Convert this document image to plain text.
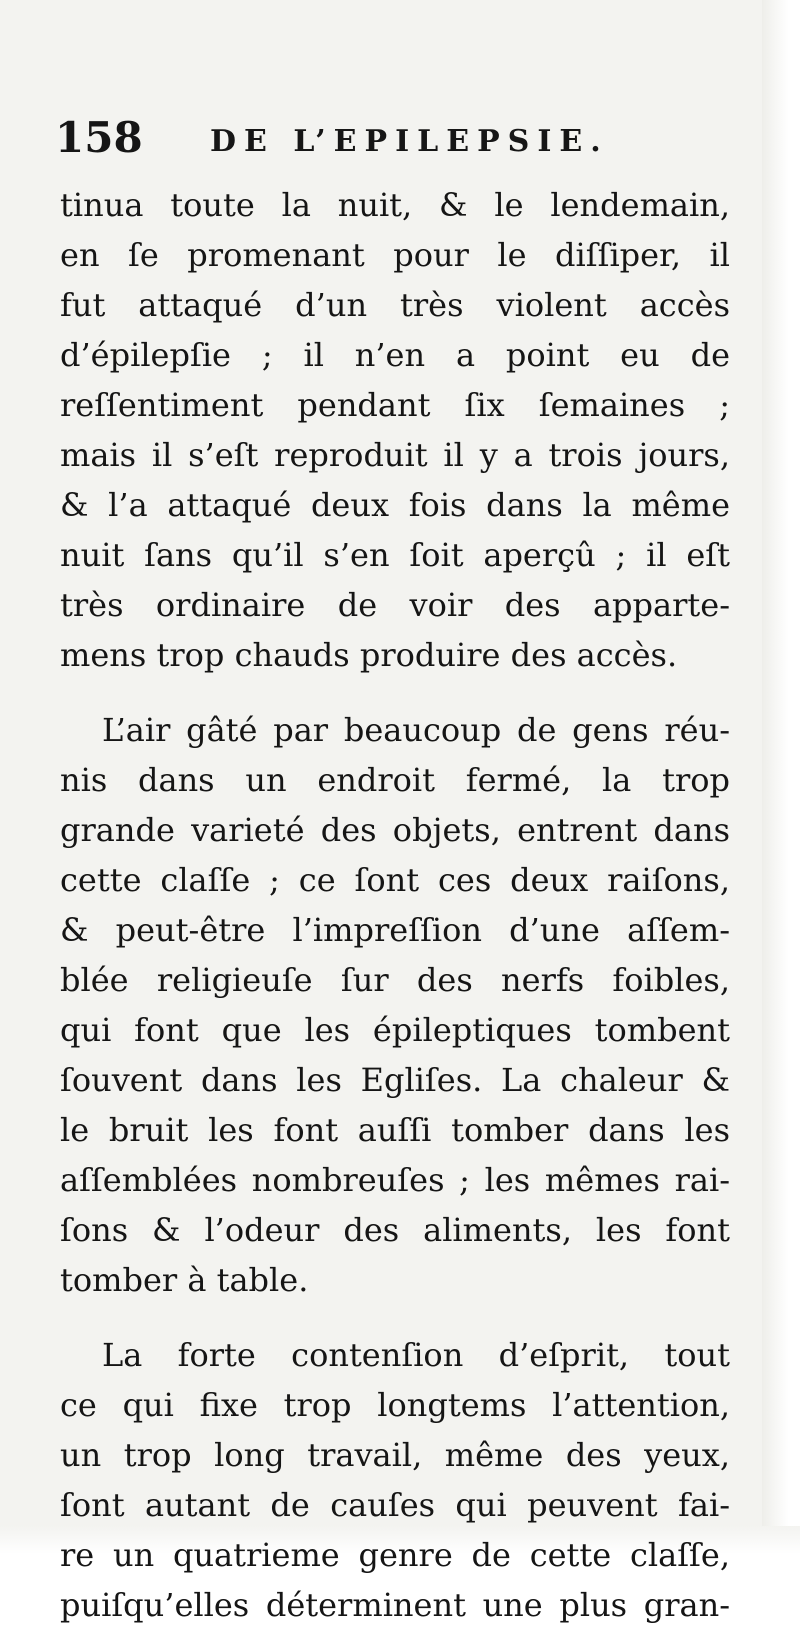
158 DE L’EPILEPSIE.
tinua toute la nuit, & le lendemain,
en ſe promenant pour le diſſiper, il
fut attaqué d’un très violent accès
d’épilepſie ; il n’en a point eu de
reſſentiment pendant ſix ſemaines ;
mais il s’eſt reproduit il y a trois jours,
& l’a attaqué deux fois dans la même
nuit ſans qu’il s’en ſoit aperçû ; il eſt
très ordinaire de voir des apparte-
mens trop chauds produire des accès.
L’air gâté par beaucoup de gens réu-
nis dans un endroit fermé, la trop
grande varieté des objets, entrent dans
cette claſſe ; ce ſont ces deux raiſons,
& peut-être l’impreſſion d’une aſſem-
blée religieuſe ſur des nerfs foibles,
qui font que les épileptiques tombent
ſouvent dans les Egliſes. La chaleur &
le bruit les font auſſi tomber dans les
aſſemblées nombreuſes ; les mêmes rai-
ſons & l’odeur des aliments, les font
tomber à table.
La forte contenſion d’eſprit, tout
ce qui fixe trop longtems l’attention,
un trop long travail, même des yeux,
ſont autant de cauſes qui peuvent fai-
re un quatrieme genre de cette claſſe,
puiſqu’elles déterminent une plus gran-
